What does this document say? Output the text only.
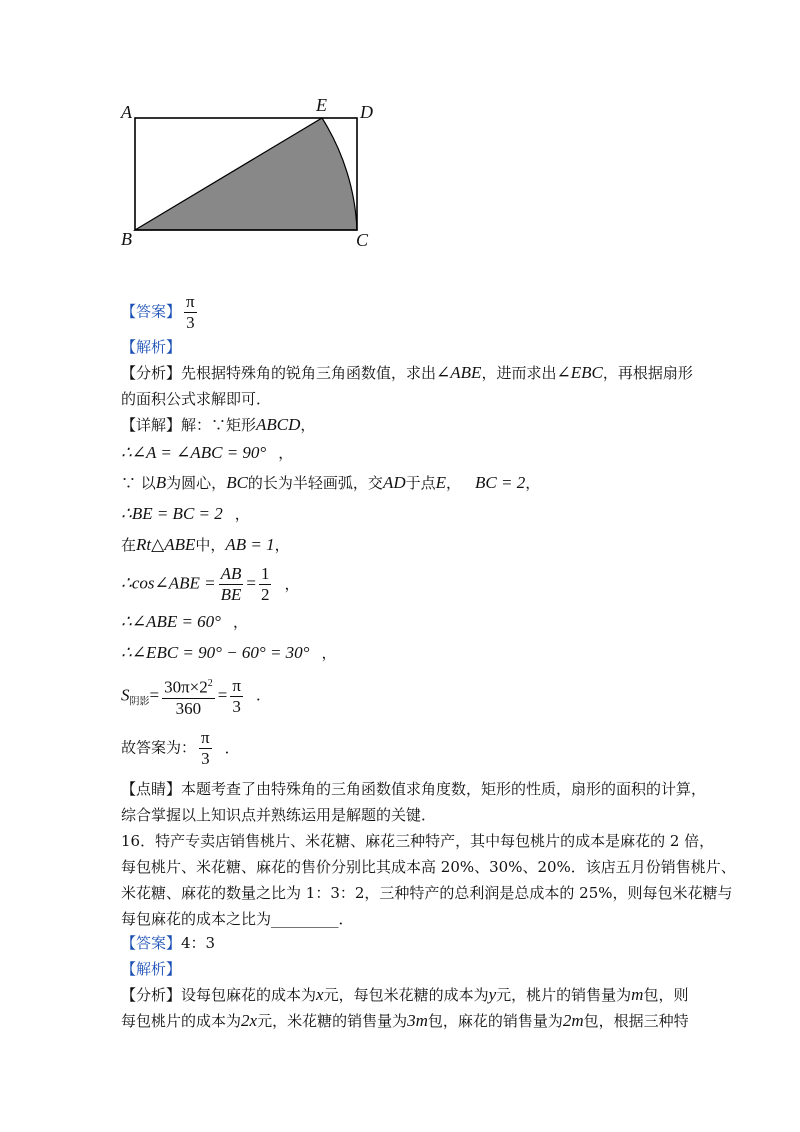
A	E D
B	C
【答案】 $\frac{\pi}{3}$
【解析】
【分析】先根据特殊角的锐角三角函数值，求出∠ABE，进而求出∠EBC，再根据扇形
的面积公式求解即可．
【详解】解：∵矩形ABCD，
∴∠A = ∠ABC = 90° ，
∵ 以B为圆心，BC的长为半轻画弧，交AD于点E， BC = 2，
∴BE = BC = 2 ，
在Rt△ABE中，AB = 1，
∴cos∠ABE = $\frac{AB}{BE} = \frac{1}{2}$ ，
∴∠ABE = 60° ，
∴∠EBC = 90° − 60° = 30° ，
$S_{阴影}= \frac{30\pi\times 2^2}{360} = \frac{\pi}{3}$ ．
故答案为： $\frac{\pi}{3}$ ．
【点睛】本题考查了由特殊角的三角函数值求角度数，矩形的性质，扇形的面积的计算，
综合掌握以上知识点并熟练运用是解题的关键．
16．特产专卖店销售桃片、米花糖、麻花三种特产，其中每包桃片的成本是麻花的 2 倍，
每包桃片、米花糖、麻花的售价分别比其成本高 20%、30%、20%．该店五月份销售桃片、
米花糖、麻花的数量之比为 1：3：2，三种特产的总利润是总成本的 25%，则每包米花糖与
每包麻花的成本之比为_________．
【答案】4：3
【解析】
【分析】设每包麻花的成本为x元，每包米花糖的成本为y元，桃片的销售量为m包，则
每包桃片的成本为2x元，米花糖的销售量为3m包，麻花的销售量为2m包，根据三种特
